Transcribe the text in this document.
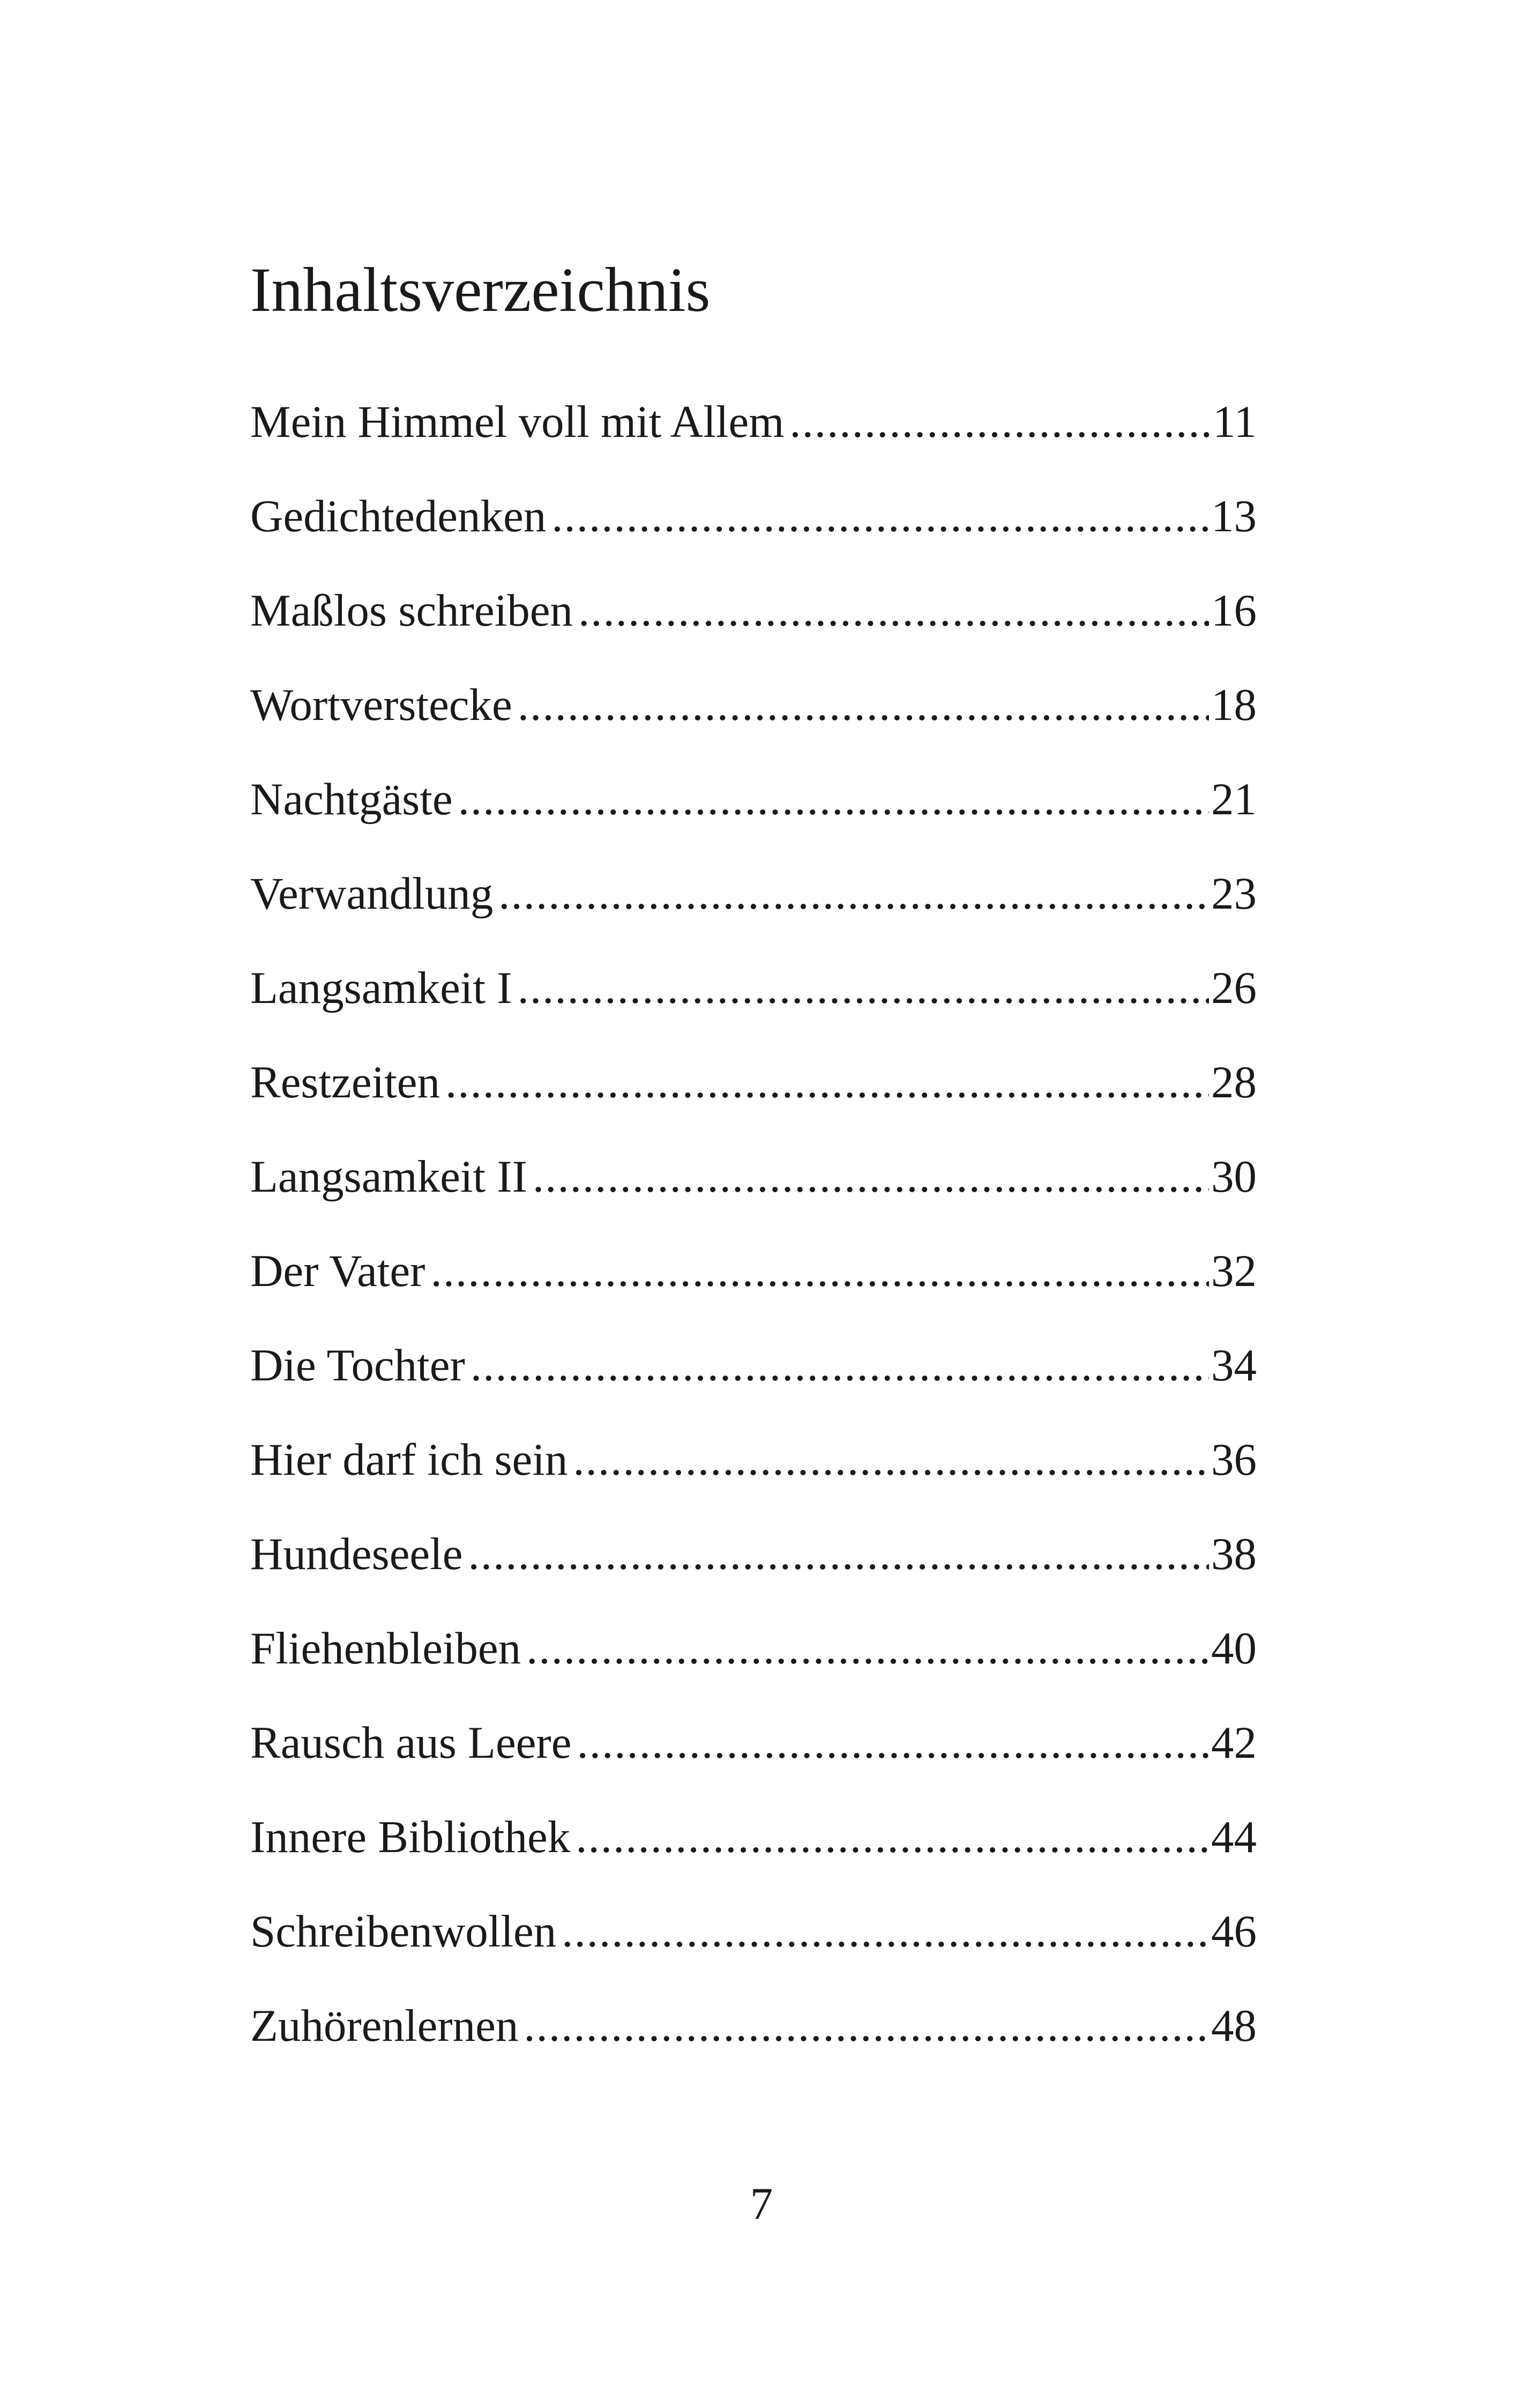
Inhaltsverzeichnis
Mein Himmel voll mit Allem .....	11
Gedichtedenken .....	13
Maßlos schreiben .....	16
Wortverstecke .....	18
Nachtgäste .....	21
Verwandlung .....	23
Langsamkeit I .....	26
Restzeiten .....	28
Langsamkeit II .....	30
Der Vater .....	32
Die Tochter .....	34
Hier darf ich sein .....	36
Hundeseele .....	38
Fliehenbleiben .....	40
Rausch aus Leere .....	42
Innere Bibliothek .....	44
Schreibenwollen .....	46
Zuhörenlernen .....	48
7
